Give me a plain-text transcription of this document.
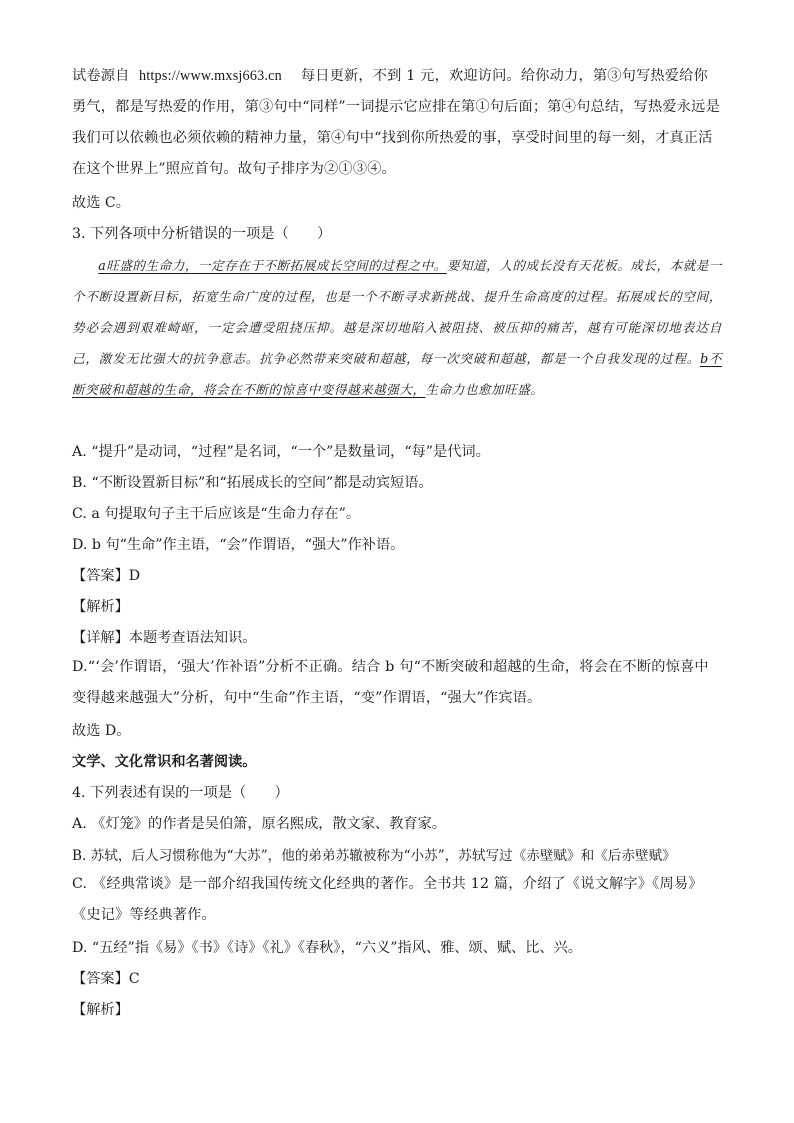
试卷源自 https://www.mxsj663.cn 每日更新，不到 1 元，欢迎访问。给你动力，第③句写热爱给你勇气，都是写热爱的作用，第③句中“同样”一词提示它应排在第①句后面；第④句总结，写热爱永远是我们可以依赖也必须依赖的精神力量，第④句中“找到你所热爱的事，享受时间里的每一刻，才真正活在这个世界上”照应首句。故句子排序为②①③④。
故选 C。
3. 下列各项中分析错误的一项是（　　）
  a旺盛的生命力，一定存在于不断拓展成长空间的过程之中。要知道，人的成长没有天花板。成长，本就是一个不断设置新目标，拓宽生命广度的过程，也是一个不断寻求新挑战、提升生命高度的过程。拓展成长的空间，势必会遇到艰难崎岖，一定会遭受阻挠压抑。越是深切地陷入被阻挠、被压抑的痛苦，越有可能深切地表达自己，激发无比强大的抗争意志。抗争必然带来突破和超越，每一次突破和超越，都是一个自我发现的过程。b不断突破和超越的生命，将会在不断的惊喜中变得越来越强大，生命力也愈加旺盛。
A. “提升”是动词，“过程”是名词，“一个”是数量词，“每”是代词。
B. “不断设置新目标”和“拓展成长的空间”都是动宾短语。
C. a 句提取句子主干后应该是“生命力存在”。
D. b 句“生命”作主语，“会”作谓语，“强大”作补语。
【答案】D
【解析】
【详解】本题考查语法知识。
D.“‘会’作谓语，‘强大’作补语”分析不正确。结合 b 句“不断突破和超越的生命，将会在不断的惊喜中变得越来越强大”分析，句中“生命”作主语，“变”作谓语，“强大”作宾语。
故选 D。
文学、文化常识和名著阅读。
4. 下列表述有误的一项是（　　）
A. 《灯笼》的作者是吴伯箫，原名熙成，散文家、教育家。
B. 苏轼，后人习惯称他为“大苏”，他的弟弟苏辙被称为“小苏”，苏轼写过《赤壁赋》和《后赤壁赋》
C. 《经典常谈》是一部介绍我国传统文化经典的著作。全书共 12 篇，介绍了《说文解字》《周易》《史记》等经典著作。
D. “五经”指《易》《书》《诗》《礼》《春秋》，“六义”指风、雅、颂、赋、比、兴。
【答案】C
【解析】
